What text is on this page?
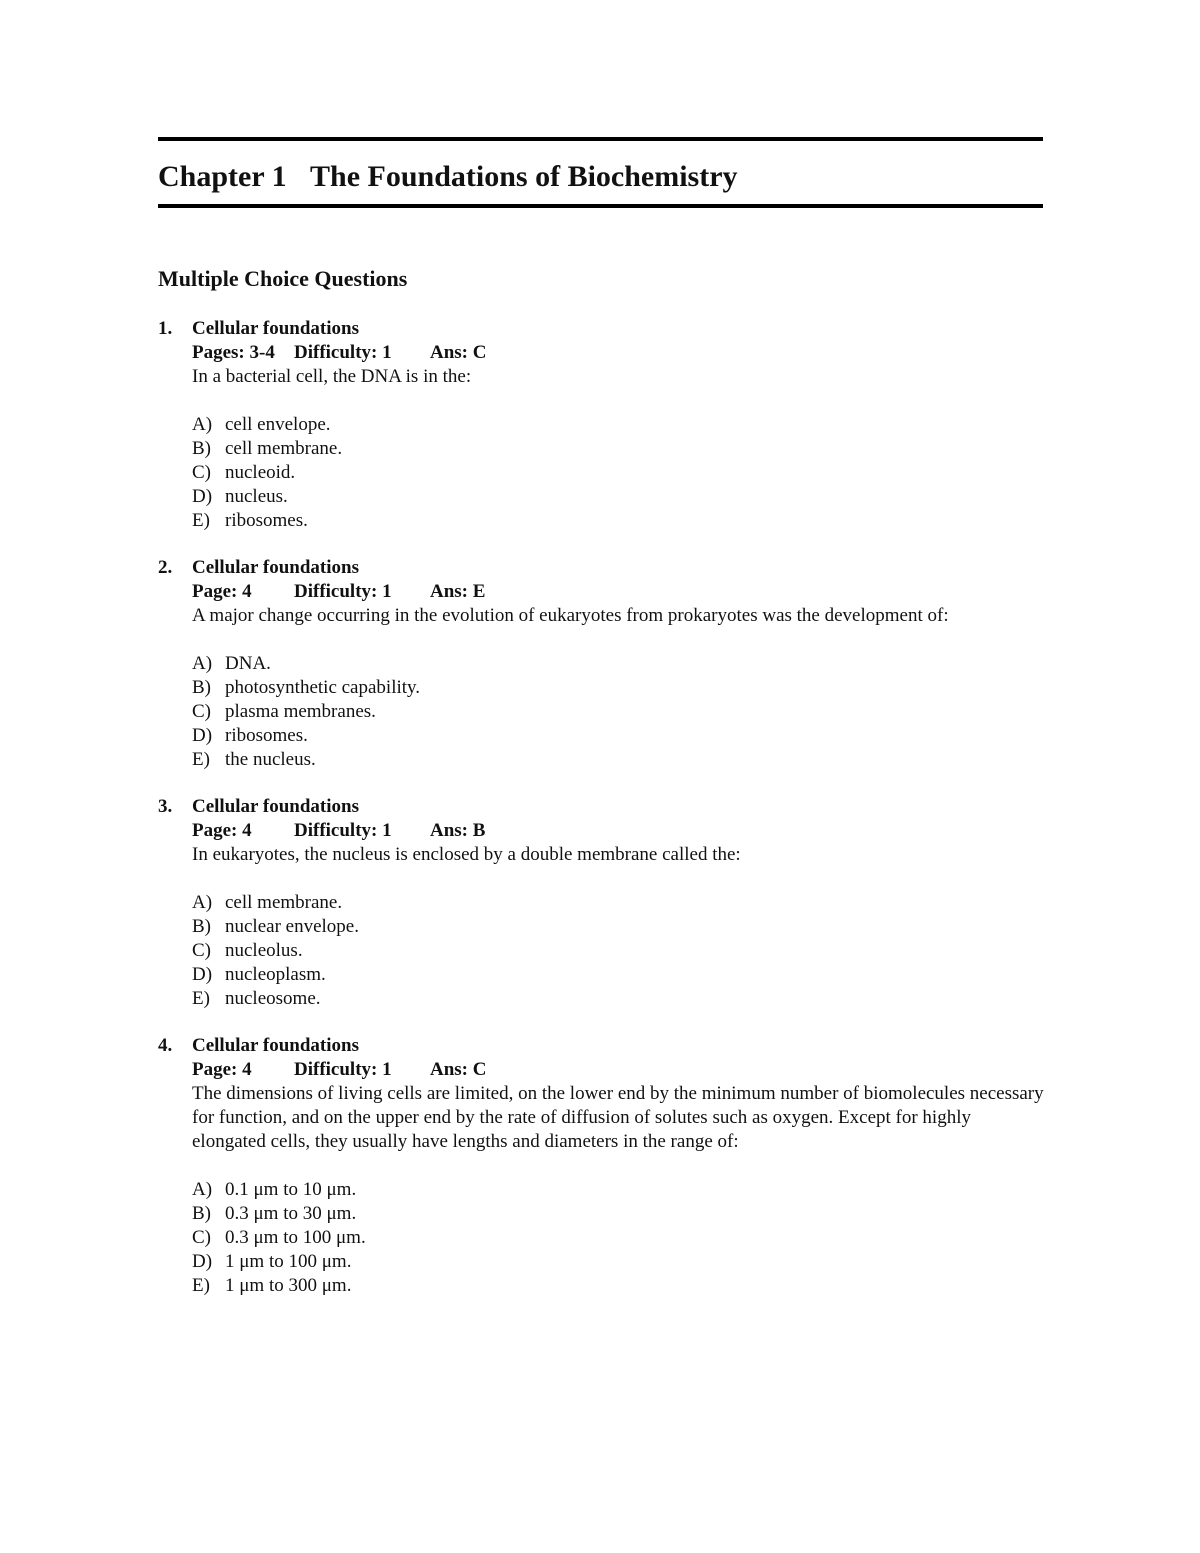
Chapter 1 The Foundations of Biochemistry
Multiple Choice Questions
1. Cellular foundations
Pages: 3-4 Difficulty: 1 Ans: C
In a bacterial cell, the DNA is in the:
A) cell envelope.
B) cell membrane.
C) nucleoid.
D) nucleus.
E) ribosomes.
2. Cellular foundations
Page: 4 Difficulty: 1 Ans: E
A major change occurring in the evolution of eukaryotes from prokaryotes was the development of:
A) DNA.
B) photosynthetic capability.
C) plasma membranes.
D) ribosomes.
E) the nucleus.
3. Cellular foundations
Page: 4 Difficulty: 1 Ans: B
In eukaryotes, the nucleus is enclosed by a double membrane called the:
A) cell membrane.
B) nuclear envelope.
C) nucleolus.
D) nucleoplasm.
E) nucleosome.
4. Cellular foundations
Page: 4 Difficulty: 1 Ans: C
The dimensions of living cells are limited, on the lower end by the minimum number of biomolecules necessary for function, and on the upper end by the rate of diffusion of solutes such as oxygen. Except for highly elongated cells, they usually have lengths and diameters in the range of:
A) 0.1 μm to 10 μm.
B) 0.3 μm to 30 μm.
C) 0.3 μm to 100 μm.
D) 1 μm to 100 μm.
E) 1 μm to 300 μm.
